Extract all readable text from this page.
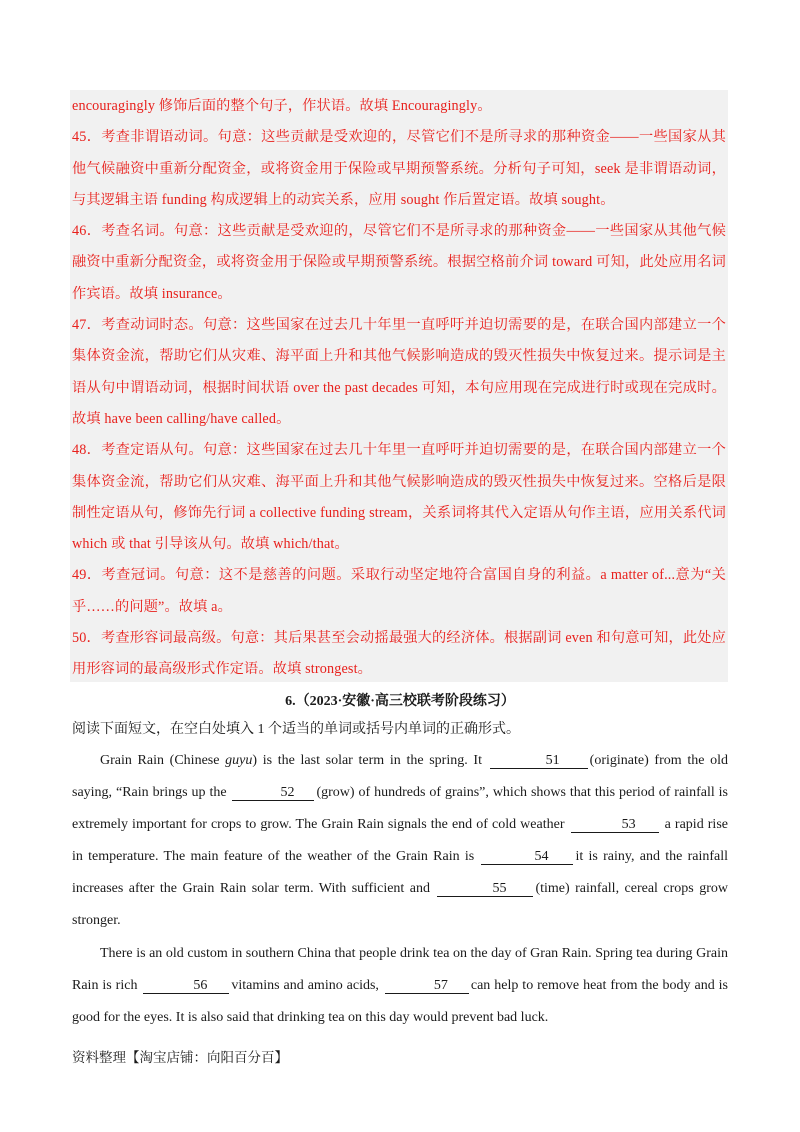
encouragingly 修饰后面的整个句子，作状语。故填 Encouragingly。

45．考查非谓语动词。句意：这些贡献是受欢迎的，尽管它们不是所寻求的那种资金——一些国家从其他气候融资中重新分配资金，或将资金用于保险或早期预警系统。分析句子可知，seek 是非谓语动词，与其逻辑主语 funding 构成逻辑上的动宾关系，应用 sought 作后置定语。故填 sought。

46．考查名词。句意：这些贡献是受欢迎的，尽管它们不是所寻求的那种资金——一些国家从其他气候融资中重新分配资金，或将资金用于保险或早期预警系统。根据空格前介词 toward 可知，此处应用名词作宾语。故填 insurance。

47．考查动词时态。句意：这些国家在过去几十年里一直呼吁并迫切需要的是，在联合国内部建立一个集体资金流，帮助它们从灾难、海平面上升和其他气候影响造成的毁灭性损失中恢复过来。提示词是主语从句中谓语动词，根据时间状语 over the past decades 可知，本句应用现在完成进行时或现在完成时。故填 have been calling/have called。

48．考查定语从句。句意：这些国家在过去几十年里一直呼吁并迫切需要的是，在联合国内部建立一个集体资金流，帮助它们从灾难、海平面上升和其他气候影响造成的毁灭性损失中恢复过来。空格后是限制性定语从句，修饰先行词 a collective funding stream，关系词将其代入定语从句作主语，应用关系代词 which 或 that 引导该从句。故填 which/that。

49．考查冠词。句意：这不是慈善的问题。采取行动坚定地符合富国自身的利益。a matter of...意为“关乎……的问题”。故填 a。

50．考查形容词最高级。句意：其后果甚至会动摇最强大的经济体。根据副词 even 和句意可知，此处应用形容词的最高级形式作定语。故填 strongest。

6.（2023·安徽·高三校联考阶段练习）
阅读下面短文，在空白处填入 1 个适当的单词或括号内单词的正确形式。

Grain Rain (Chinese guyu) is the last solar term in the spring. It	51 (originate) from the old saying, “Rain brings up the	52 (grow) of hundreds of grains”, which shows that this period of rainfall is extremely important for crops to grow. The Grain Rain signals the end of cold weather	53 a rapid rise in temperature. The main feature of the weather of the Grain Rain is	54 it is rainy, and the rainfall increases after the Grain Rain solar term. With sufficient and	55 (time) rainfall, cereal crops grow stronger.

There is an old custom in southern China that people drink tea on the day of Gran Rain. Spring tea during Grain Rain is rich	56 vitamins and amino acids,	57 can help to remove heat from the body and is good for the eyes. It is also said that drinking tea on this day would prevent bad luck.

资料整理【淘宝店铺：向阳百分百】
